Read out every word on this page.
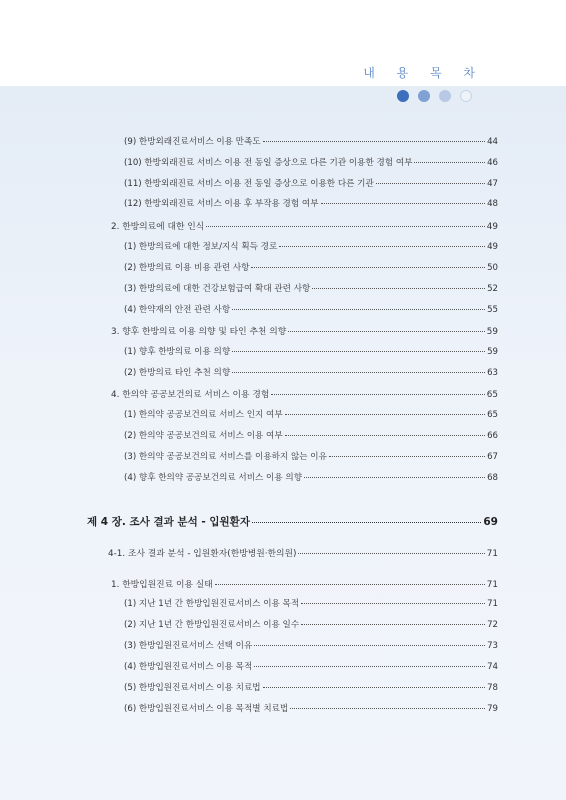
내 용 목 차
(9) 한방외래진료서비스 이용 만족도	44
(10) 한방외래진료 서비스 이용 전 동일 증상으로 다른 기관 이용한 경험 여부	46
(11) 한방외래진료 서비스 이용 전 동일 증상으로 이용한 다른 기관	47
(12) 한방외래진료 서비스 이용 후 부작용 경험 여부	48
2. 한방의료에 대한 인식	49
(1) 한방의료에 대한 정보/지식 획득 경로	49
(2) 한방의료 이용 비용 관련 사항	50
(3) 한방의료에 대한 건강보험급여 확대 관련 사항	52
(4) 한약재의 안전 관련 사항	55
3. 향후 한방의료 이용 의향 및 타인 추천 의향	59
(1) 향후 한방의료 이용 의향	59
(2) 한방의료 타인 추천 의향	63
4. 한의약 공공보건의료 서비스 이용 경험	65
(1) 한의약 공공보건의료 서비스 인지 여부	65
(2) 한의약 공공보건의료 서비스 이용 여부	66
(3) 한의약 공공보건의료 서비스를 이용하지 않는 이유	67
(4) 향후 한의약 공공보건의료 서비스 이용 의향	68
제 4 장. 조사 결과 분석 - 입원환자	69
4-1. 조사 결과 분석 - 입원환자(한방병원·한의원)	71
1. 한방입원진료 이용 실태	71
(1) 지난 1년 간 한방입원진료서비스 이용 목적	71
(2) 지난 1년 간 한방입원진료서비스 이용 일수	72
(3) 한방입원진료서비스 선택 이유	73
(4) 한방입원진료서비스 이용 목적	74
(5) 한방입원진료서비스 이용 치료법	78
(6) 한방입원진료서비스 이용 목적별 치료법	79
